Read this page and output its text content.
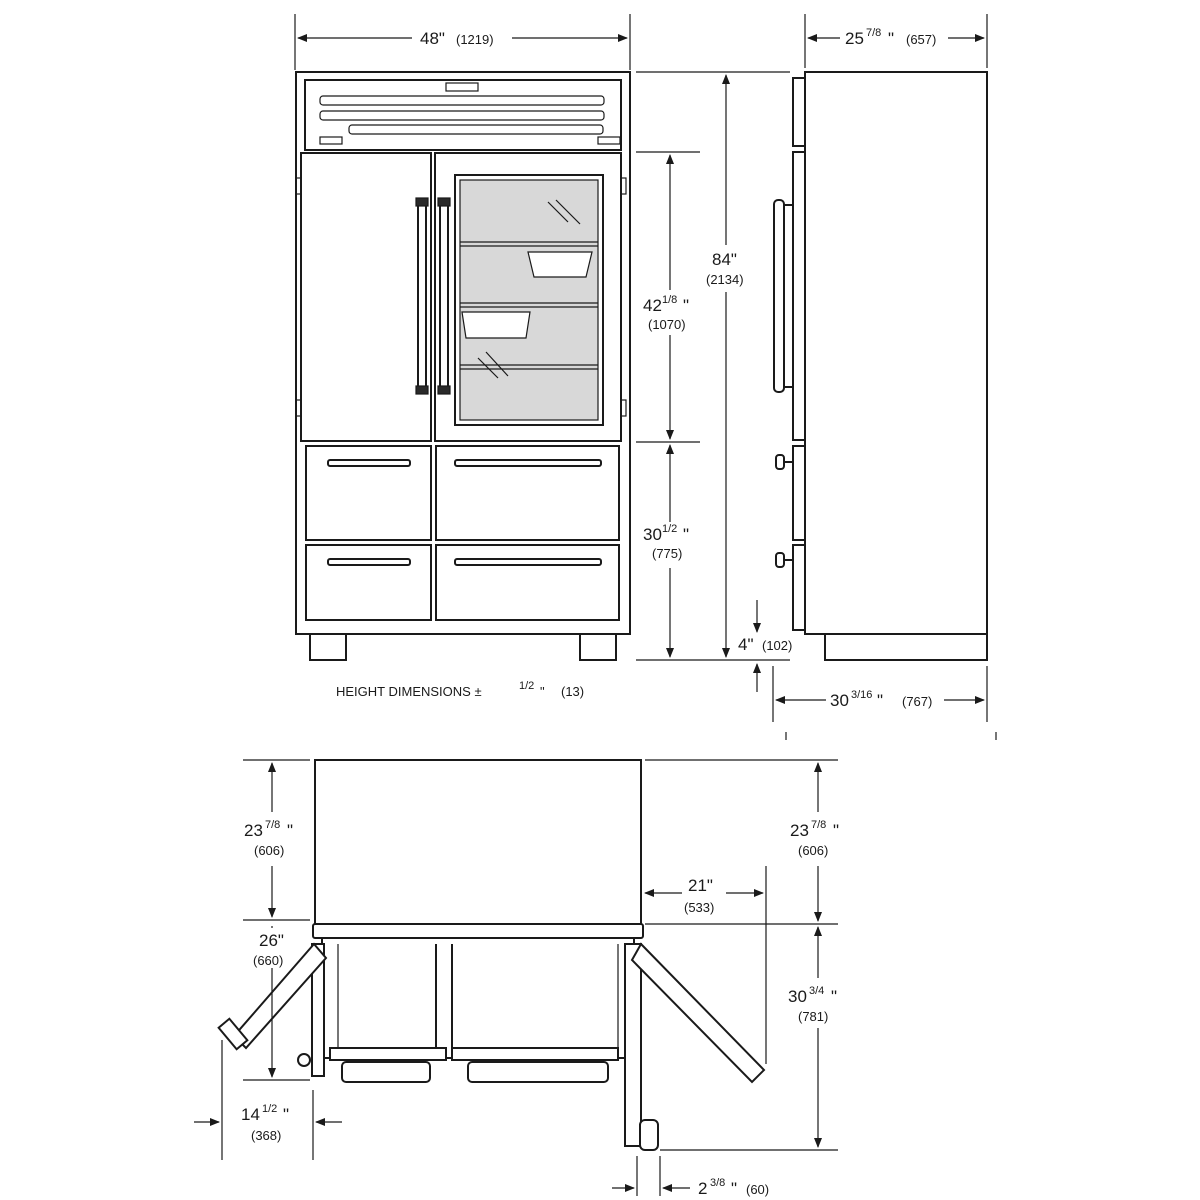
48" (1219)
42 1/8 "
(1070)
30 1/2 "
(775)
84"
(2134)
HEIGHT DIMENSIONS ±	1/2 " (13)
25 7/8 " (657)
4" (102)
30 3/16 " (767)
23 7/8 "
(606)
26"
(660)
23 7/8 "
(606)
30 3/4 "
(781)
21"
(533)
14 1/2 "
(368)
2 3/8 " (60)
